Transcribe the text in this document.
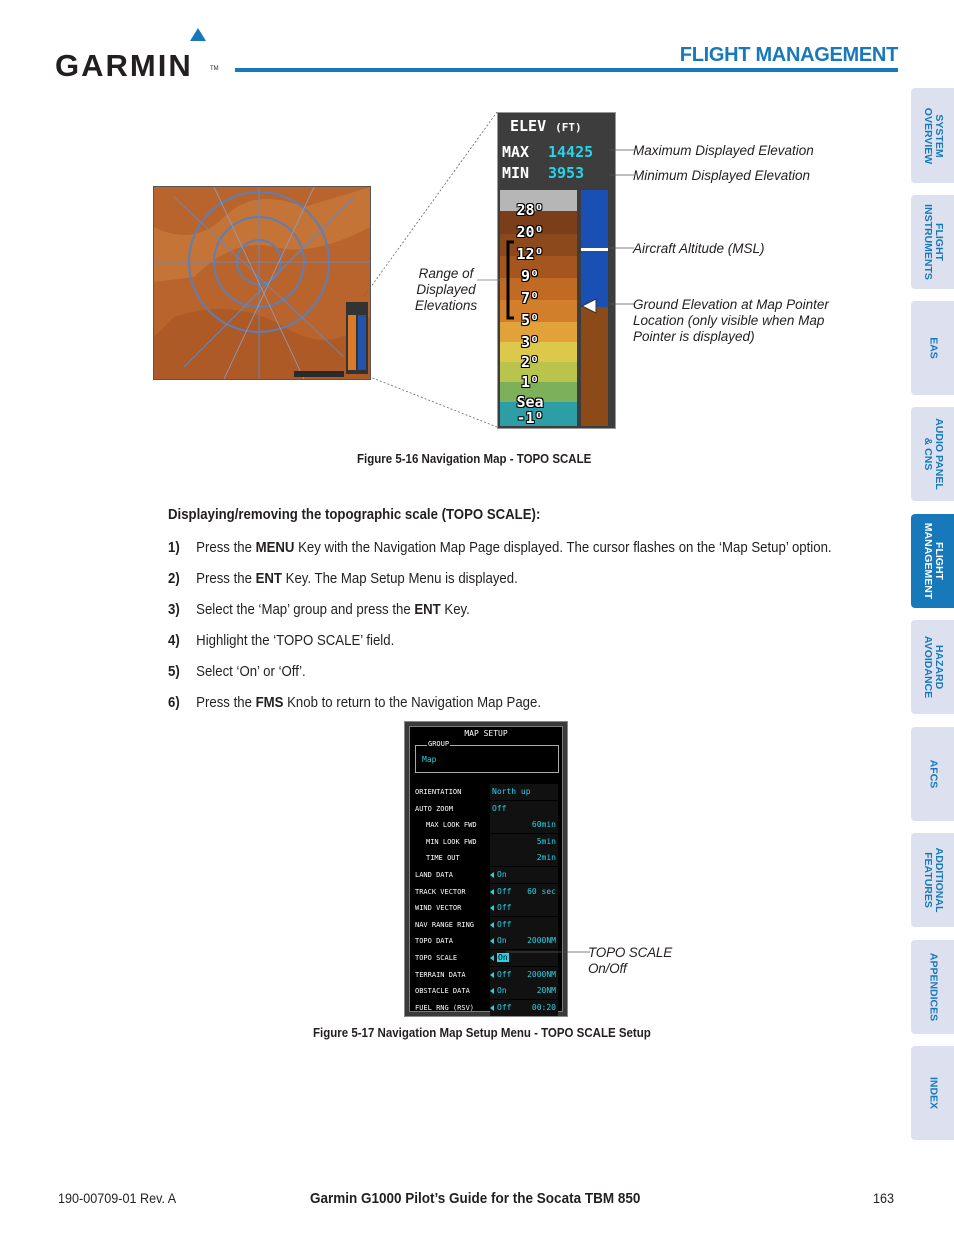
GARMIN	TM
FLIGHT MANAGEMENT
SYSTEM
OVERVIEW
FLIGHT
INSTRUMENTS
EAS
AUDIO PANEL
& CNS
FLIGHT
MANAGEMENT
HAZARD
AVOIDANCE
AFCS
ADDITIONAL
FEATURES
APPENDICES
INDEX
ELEV (FT)
MAX 14425
MIN 3953
28⁰
20⁰
12⁰
9⁰
7⁰
5⁰
3⁰
2⁰
1⁰
Sea
-1⁰
Maximum Displayed Elevation
Minimum Displayed Elevation
Aircraft Altitude (MSL)
Ground Elevation at Map Pointer Location (only visible when Map Pointer is displayed)
Range of Displayed Elevations
Figure 5-16 Navigation Map - TOPO SCALE
Displaying/removing the topographic scale (TOPO SCALE):
1) Press the MENU Key with the Navigation Map Page displayed. The cursor flashes on the ‘Map Setup’ option.
2) Press the ENT Key. The Map Setup Menu is displayed.
3) Select the ‘Map’ group and press the ENT Key.
4) Highlight the ‘TOPO SCALE’ field.
5) Select ‘On’ or ‘Off’.
6) Press the FMS Knob to return to the Navigation Map Page.
MAP SETUP
GROUP
Map
ORIENTATION	North up
AUTO ZOOM	Off
MAX LOOK FWD	60min
MIN LOOK FWD	5min
TIME OUT	2min
LAND DATA	On
TRACK VECTOR	Off 60 sec
WIND VECTOR	Off
NAV RANGE RING	Off
TOPO DATA	On	2000NM
TOPO SCALE	On
TERRAIN DATA	Off 2000NM
OBSTACLE DATA	On	20NM
FUEL RNG (RSV)	Off	00:20
TOPO SCALE On/Off
Figure 5-17 Navigation Map Setup Menu - TOPO SCALE Setup
190-00709-01 Rev. A	Garmin G1000 Pilot’s Guide for the Socata TBM 850	163
